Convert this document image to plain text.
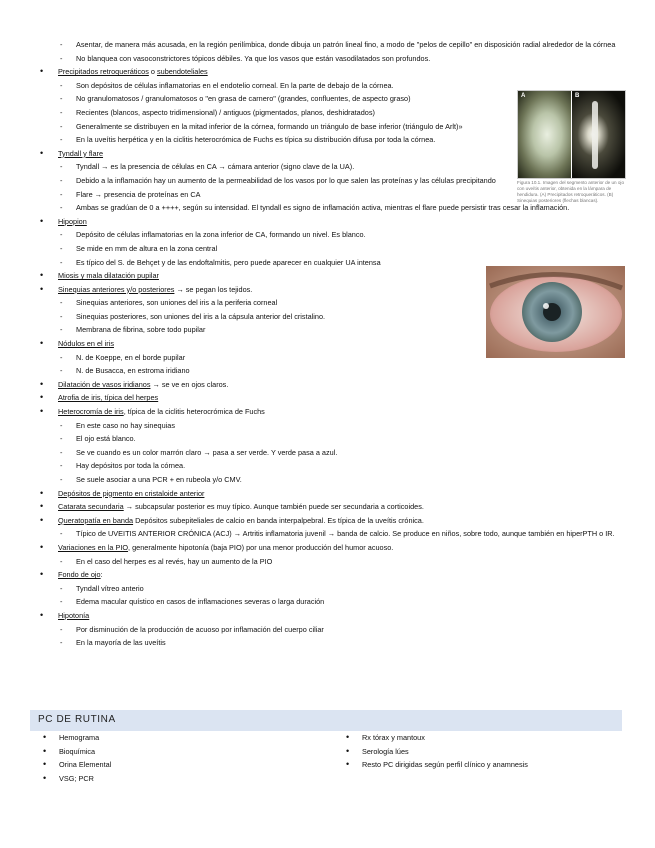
- Asentar, de manera más acusada, en la región perilímbica, donde dibuja un patrón lineal fino, a modo de "pelos de cepillo" en disposición radial alrededor de la córnea
- No blanquea con vasoconstrictores tópicos débiles. Ya que los vasos que están vasodilatados son profundos.
• Precipitados retroqueráticos o subendoteliales
- Son depósitos de células inflamatorias en el endotelio corneal. En la parte de debajo de la córnea.
- No granulomatosos / granulomatosos o "en grasa de carnero" (grandes, confluentes, de aspecto graso)
- Recientes (blancos, aspecto tridimensional) / antiguos (pigmentados, planos, deshidratados)
- Generalmente se distribuyen en la mitad inferior de la córnea, formando un triángulo de base inferior (triángulo de Arlt)»
- En la uveítis herpética y en la ciclitis heterocrómica de Fuchs es típica su distribución difusa por toda la córnea.
• Tyndall y flare
- Tyndall → es la presencia de células en CA → cámara anterior (signo clave de la UA).
- Debido a la inflamación hay un aumento de la permeabilidad de los vasos por lo que salen las proteínas y las células precipitando
- Flare → presencia de proteínas en CA
- Ambas se gradúan de 0 a ++++, según su intensidad. El tyndall es signo de inflamación activa, mientras el flare puede persistir tras cesar la inflamación.
• Hipopion
- Depósito de células inflamatorias en la zona inferior de CA, formando un nivel. Es blanco.
- Se mide en mm de altura en la zona central
- Es típico del S. de Behçet y de las endoftalmitis, pero puede aparecer en cualquier UA intensa
• Miosis y mala dilatación pupilar
• Sinequias anteriores y/o posteriores → se pegan los tejidos.
- Sinequias anteriores, son uniones del iris a la periferia corneal
- Sinequias posteriores, son uniones del iris a la cápsula anterior del cristalino.
- Membrana de fibrina, sobre todo pupilar
• Nódulos en el iris
- N. de Koeppe, en el borde pupilar
- N. de Busacca, en estroma iridiano
• Dilatación de vasos iridianos → se ve en ojos claros.
• Atrofia de iris, típica del herpes
• Heterocromía de iris, típica de la ciclitis heterocrómica de Fuchs
- En este caso no hay sinequias
- El ojo está blanco.
- Se ve cuando es un color marrón claro → pasa a ser verde. Y verde pasa a azul.
- Hay depósitos por toda la córnea.
- Se suele asociar a una PCR + en rubeola y/o CMV.
• Depósitos de pigmento en cristaloide anterior
• Catarata secundaria → subcapsular posterior es muy típico. Aunque también puede ser secundaria a corticoides.
• Queratopatía en banda Depósitos subepiteliales de calcio en banda interpalpebral. Es típica de la uveítis crónica.
- Típico de UVEITIS ANTERIOR CRÓNICA (ACJ) → Artritis inflamatoria juvenil → banda de calcio. Se produce en niños, sobre todo, aunque también en hiperPTH o IR.
• Variaciones en la PIO, generalmente hipotonía (baja PIO) por una menor producción del humor acuoso.
- En el caso del herpes es al revés, hay un aumento de la PIO
• Fondo de ojo:
- Tyndall vítreo anterio
- Edema macular quístico en casos de inflamaciones severas o larga duración
• Hipotonía
- Por disminución de la producción de acuoso por inflamación del cuerpo ciliar
- En la mayoría de las uveítis
A	B
Figura 10.1. Imagen del segmento anterior de un ojo con uveítis anterior, obtenida en la lámpara de hendidura. (A) Precipitados retroqueráticos. (B) Sinequias posteriores (flechas blancas).
PC DE RUTINA
• Hemograma
• Bioquímica
• Orina Elemental
• VSG; PCR
• Rx tórax y mantoux
• Serología lúes
• Resto PC dirigidas según perfil clínico y anamnesis
